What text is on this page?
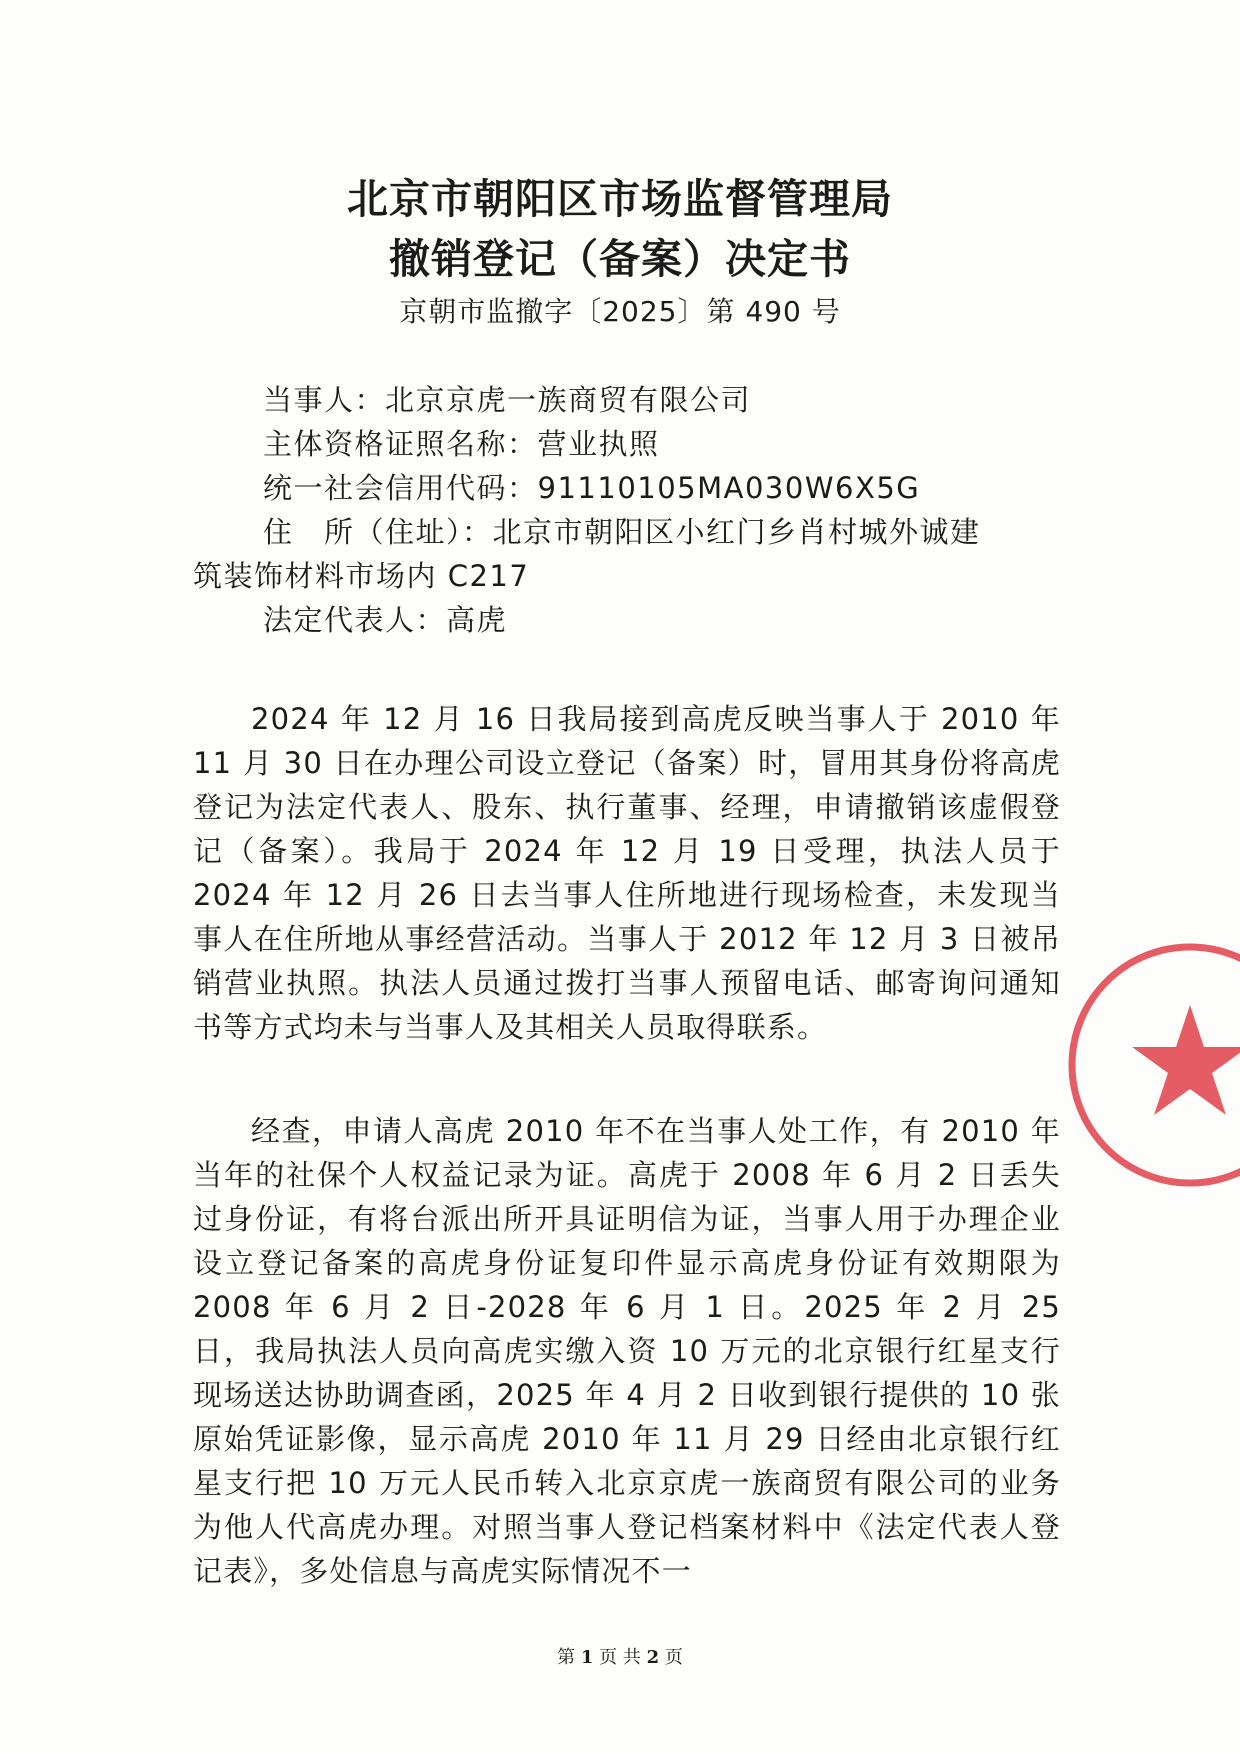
北京市朝阳区市场监督管理局
撤销登记（备案）决定书
京朝市监撤字〔2025〕第 490 号
当事人：北京京虎一族商贸有限公司
主体资格证照名称：营业执照
统一社会信用代码：91110105MA030W6X5G
住　所（住址）：北京市朝阳区小红门乡肖村城外诚建
筑装饰材料市场内 C217
法定代表人：高虎

2024 年 12 月 16 日我局接到高虎反映当事人于 2010 年 11 月 30 日在办理公司设立登记（备案）时，冒用其身份将高虎登记为法定代表人、股东、执行董事、经理，申请撤销该虚假登记（备案）。我局于 2024 年 12 月 19 日受理，执法人员于 2024 年 12 月 26 日去当事人住所地进行现场检查，未发现当事人在住所地从事经营活动。当事人于 2012 年 12 月 3 日被吊销营业执照。执法人员通过拨打当事人预留电话、邮寄询问通知书等方式均未与当事人及其相关人员取得联系。

经查，申请人高虎 2010 年不在当事人处工作，有 2010 年当年的社保个人权益记录为证。高虎于 2008 年 6 月 2 日丢失过身份证，有将台派出所开具证明信为证，当事人用于办理企业设立登记备案的高虎身份证复印件显示高虎身份证有效期限为 2008 年 6 月 2 日-2028 年 6 月 1 日。2025 年 2 月 25 日，我局执法人员向高虎实缴入资 10 万元的北京银行红星支行现场送达协助调查函，2025 年 4 月 2 日收到银行提供的 10 张原始凭证影像，显示高虎 2010 年 11 月 29 日经由北京银行红星支行把 10 万元人民币转入北京京虎一族商贸有限公司的业务为他人代高虎办理。对照当事人登记档案材料中《法定代表人登记表》，多处信息与高虎实际情况不一

第 1 页 共 2 页
